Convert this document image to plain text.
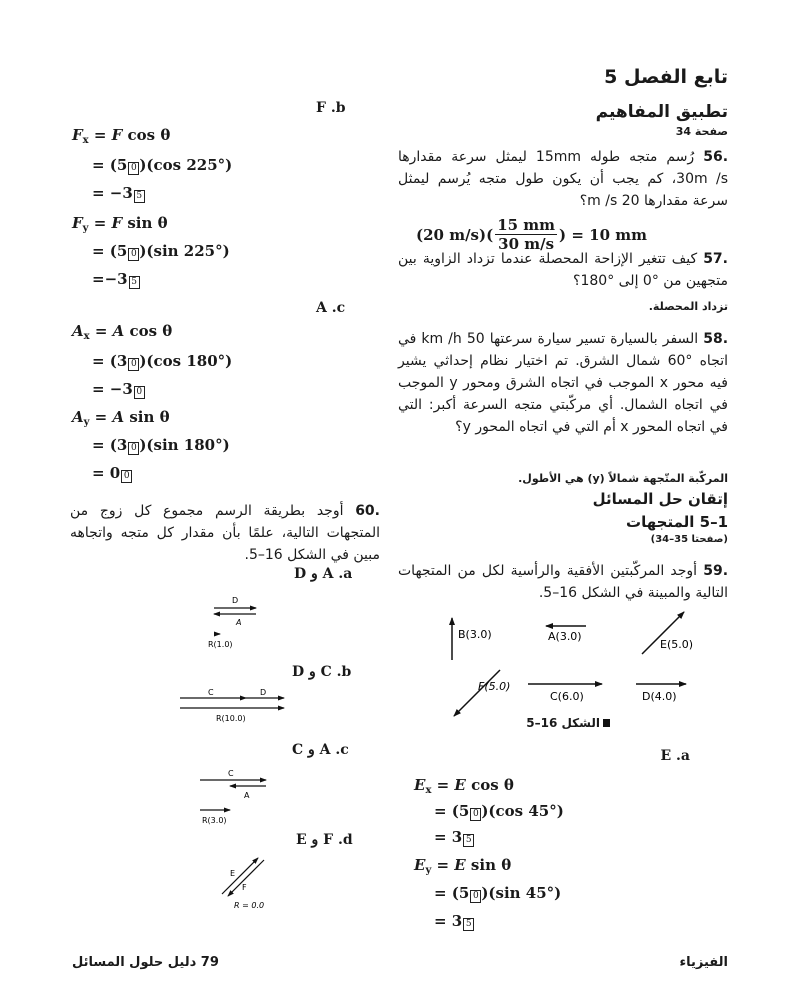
تابع الفصل 5
تطبيق المفاهيم
صفحة 34
.56 رُسم متجه طوله 15mm ليمثل سرعة مقدارها 30m /s، كم يجب أن يكون طول متجه يُرسم ليمثل سرعة مقدارها 20 m /s؟
(20 $m/s)( \frac{15 mm}{30 m/s}$ ) = 10 mm
.57 كيف تتغير الإزاحة المحصلة عندما تزداد الزاوية بين متجهين من °0 إلى °180؟
تزداد المحصلة.
.58 السفر بالسيارة تسير سيارة سرعتها 50 km /h في اتجاه °60 شمال الشرق. تم اختيار نظام إحداثي يشير فيه محور x الموجب في اتجاه الشرق ومحور y الموجب في اتجاه الشمال. أي مركّبتي متجه السرعة أكبر: التي في اتجاه المحور x أم التي في اتجاه المحور y؟
المركّبة المتّجهة شمالاً (y) هي الأطول.
إتقان حل المسائل
1–5 المتجهات
(صفحتا 35–34)
.59 أوجد المركّبتين الأفقية والرأسية لكل من المتجهات التالية والمبينة في الشكل 16–5.
B(3.0)	A(3.0)
E(5.0)
F(5.0)
C(6.0)	D(4.0)
الشكل 16–5
E .a
$E_x = E$ cos θ
= (5 0 )(cos 45°)
= 3 5
$E_y = E$ sin θ
= (5 0 )(sin 45°)
= 3 5
F .b
$F_x = F$ cos θ
= (5 0 )(cos 225°)
= −3 5
$F_y = F$ sin θ
= (5 0 )(sin 225°)
=−3 5
A .c
$A_x = A$ cos θ
= (3 0 )(cos 180°)
= −3 0
$A_y = A$ sin θ
= (3 0 )(sin 180°)
= 0 0
.60 أوجد بطريقة الرسم مجموع كل زوج من المتجهات التالية، علمًا بأن مقدار كل متجه واتجاهه مبين في الشكل 16–5.
D و A .a
D
A
R(1.0)
D و C .b
C	D
R(10.0)
C و A .c
C
A
R(3.0)
E و F .d
E
F
R = 0.0
79 دليل حلول المسائل	الفيزياء
